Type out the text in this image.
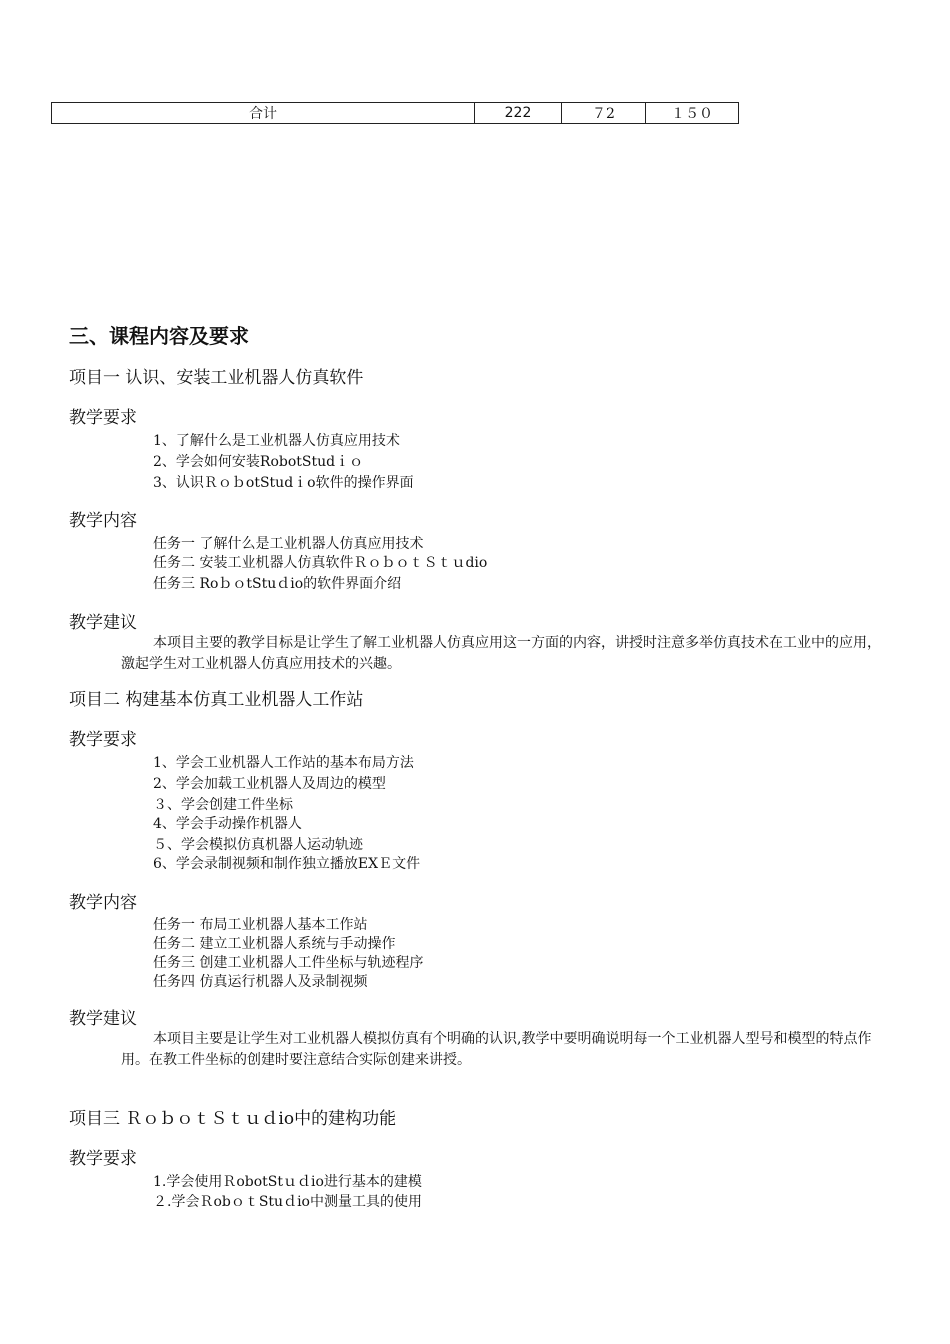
合计	222	７2	１５０
三、课程内容及要求
项目一 认识、安装工业机器人仿真软件
教学要求
1、了解什么是工业机器人仿真应用技术
2、学会如何安装RobotStudｉｏ
3、认识ＲｏｂotStudｉo软件的操作界面
教学内容
任务一 了解什么是工业机器人仿真应用技术
任务二 安装工业机器人仿真软件ＲｏｂｏｔＳｔｕdio
任务三 RoｂｏtStuｄio的软件界面介绍
教学建议
本项目主要的教学目标是让学生了解工业机器人仿真应用这一方面的内容，讲授时注意多举仿真技术在工业中的应用，激起学生对工业机器人仿真应用技术的兴趣。
项目二 构建基本仿真工业机器人工作站
教学要求
1、学会工业机器人工作站的基本布局方法
2、学会加载工业机器人及周边的模型
３、学会创建工件坐标
4、学会手动操作机器人
５、学会模拟仿真机器人运动轨迹
6、学会录制视频和制作独立播放EXＥ文件
教学内容
任务一 布局工业机器人基本工作站
任务二 建立工业机器人系统与手动操作
任务三 创建工业机器人工件坐标与轨迹程序
任务四 仿真运行机器人及录制视频
教学建议
本项目主要是让学生对工业机器人模拟仿真有个明确的认识,教学中要明确说明每一个工业机器人型号和模型的特点作用。在教工件坐标的创建时要注意结合实际创建来讲授。
项目三 ＲｏｂｏｔＳｔｕｄio中的建构功能
教学要求
1.学会使用ＲobotStｕｄio进行基本的建模
２.学会ＲobｏｔStuｄio中测量工具的使用
